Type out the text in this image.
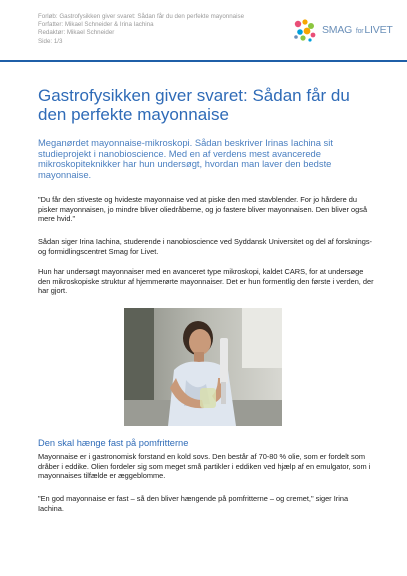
Forløb: Gastrofysikken giver svaret: Sådan får du den perfekte mayonnaise
Forfatter: Mikael Schneider & Irina Iachina
Redaktør: Mikael Schneider
Side: 1/3
SMAG forLIVET
Gastrofysikken giver svaret: Sådan får du den perfekte mayonnaise
Meganørdet mayonnaise-mikroskopi. Sådan beskriver Irinas Iachina sit studieprojekt i nanobioscience. Med en af verdens mest avancerede mikroskopiteknikker har hun undersøgt, hvordan man laver den bedste mayonnaise.
"Du får den stiveste og hvideste mayonnaise ved at piske den med stavblender. For jo hårdere du pisker mayonnaisen, jo mindre bliver oliedråberne, og jo fastere bliver mayonnaisen. Den bliver også mere hvid."
Sådan siger Irina Iachina, studerende i nanobioscience ved Syddansk Universitet og del af forsknings- og formidlingscentret Smag for Livet.
Hun har undersøgt mayonnaiser med en avanceret type mikroskopi, kaldet CARS, for at undersøge den mikroskopiske struktur af hjemmerørte mayonnaiser. Det er hun formentlig den første i verden, der har gjort.
Den skal hænge fast på pomfritterne
Mayonnaise er i gastronomisk forstand en kold sovs. Den består af 70-80 % olie, som er fordelt som dråber i eddike. Olien fordeler sig som meget små partikler i eddiken ved hjælp af en emulgator, som i mayonnaises tilfælde er æggeblomme.
"En god mayonnaise er fast – så den bliver hængende på pomfritterne – og cremet," siger Irina Iachina.
